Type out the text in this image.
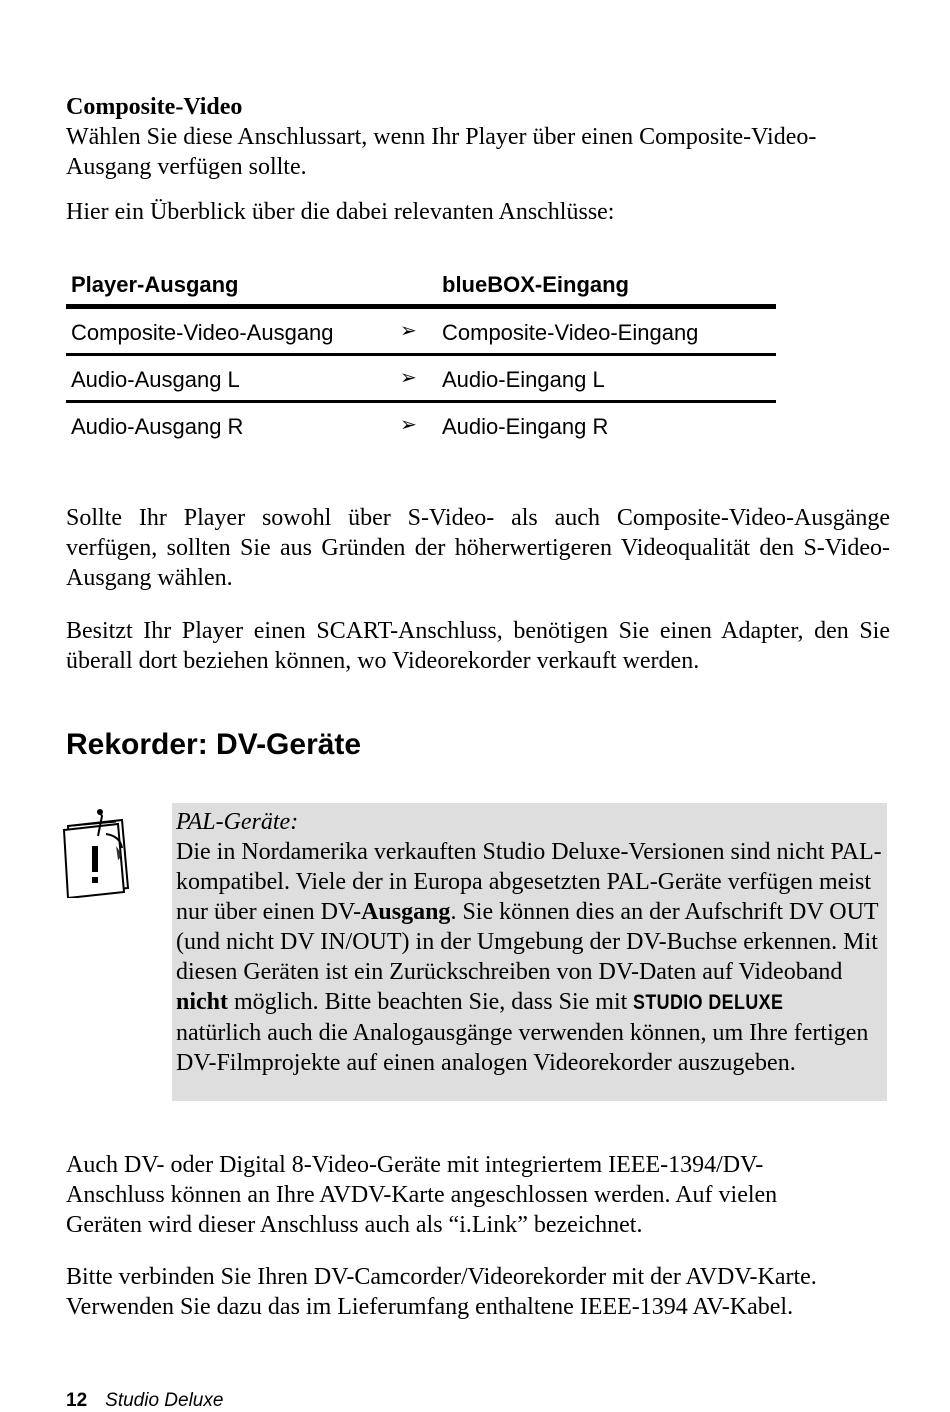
Composite-Video

Wählen Sie diese Anschlussart, wenn Ihr Player über einen Composite-Video-Ausgang verfügen sollte.

Hier ein Überblick über die dabei relevanten Anschlüsse:

Player-Ausgang	blueBOX-Eingang
Composite-Video-Ausgang	➢ Composite-Video-Eingang
Audio-Ausgang L	➢ Audio-Eingang L
Audio-Ausgang R	➢ Audio-Eingang R

Sollte Ihr Player sowohl über S-Video- als auch Composite-Video-Ausgänge verfügen, sollten Sie aus Gründen der höherwertigeren Videoqualität den S-Video-Ausgang wählen.

Besitzt Ihr Player einen SCART-Anschluss, benötigen Sie einen Adapter, den Sie überall dort beziehen können, wo Videorekorder verkauft werden.

Rekorder: DV-Geräte

PAL-Geräte:

Die in Nordamerika verkauften Studio Deluxe-Versionen sind nicht PAL-kompatibel. Viele der in Europa abgesetzten PAL-Geräte verfügen meist nur über einen DV-Ausgang. Sie können dies an der Aufschrift DV OUT (und nicht DV IN/OUT) in der Umgebung der DV-Buchse erkennen. Mit diesen Geräten ist ein Zurückschreiben von DV-Daten auf Videoband nicht möglich. Bitte beachten Sie, dass Sie mit STUDIO DELUXE natürlich auch die Analogausgänge verwenden können, um Ihre fertigen DV-Filmprojekte auf einen analogen Videorekorder auszugeben.

Auch DV- oder Digital 8-Video-Geräte mit integriertem IEEE-1394/DV-Anschluss können an Ihre AVDV-Karte angeschlossen werden. Auf vielen Geräten wird dieser Anschluss auch als “i.Link” bezeichnet.

Bitte verbinden Sie Ihren DV-Camcorder/Videorekorder mit der AVDV-Karte. Verwenden Sie dazu das im Lieferumfang enthaltene IEEE-1394 AV-Kabel.

12 Studio Deluxe
